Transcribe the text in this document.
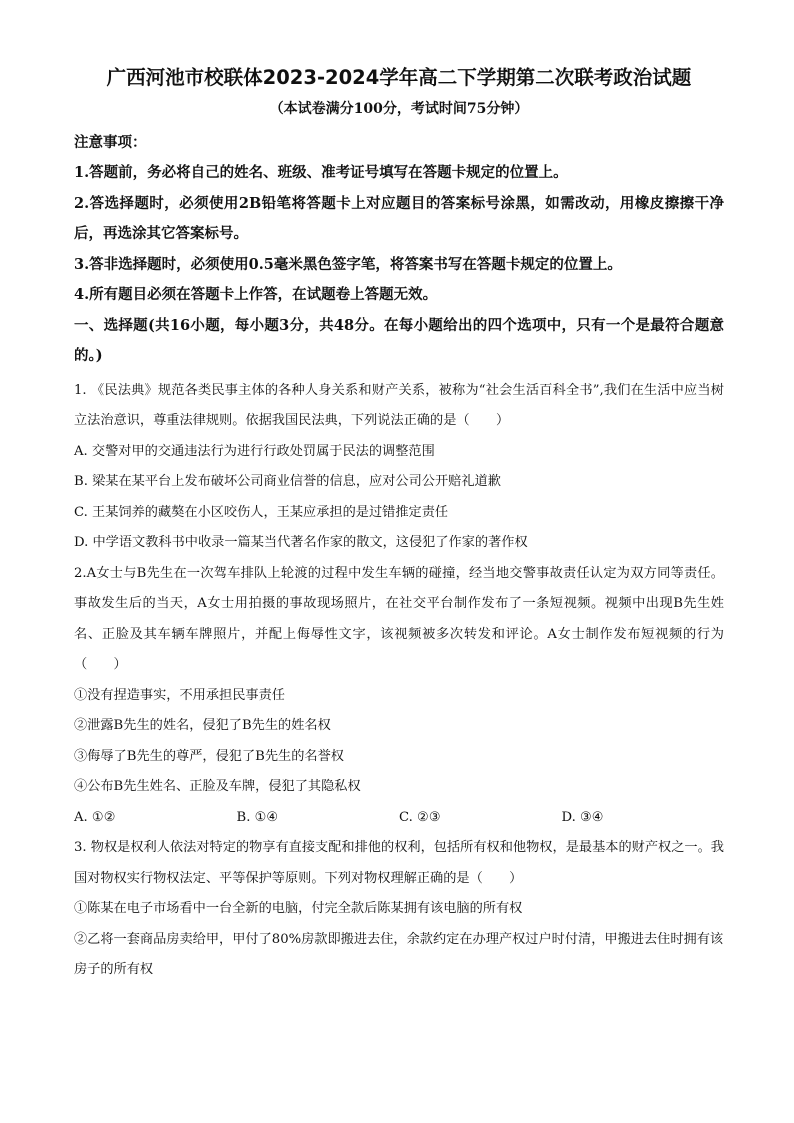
广西河池市校联体2023-2024学年高二下学期第二次联考政治试题
（本试卷满分100分，考试时间75分钟）
注意事项：
1.答题前，务必将自己的姓名、班级、准考证号填写在答题卡规定的位置上。
2.答选择题时，必须使用2B铅笔将答题卡上对应题目的答案标号涂黑，如需改动，用橡皮擦擦干净后，再选涂其它答案标号。
3.答非选择题时，必须使用0.5毫米黑色签字笔，将答案书写在答题卡规定的位置上。
4.所有题目必须在答题卡上作答，在试题卷上答题无效。
一、选择题(共16小题，每小题3分，共48分。在每小题给出的四个选项中，只有一个是最符合题意的。)
1. 《民法典》规范各类民事主体的各种人身关系和财产关系，被称为“社会生活百科全书”,我们在生活中应当树立法治意识，尊重法律规则。依据我国民法典，下列说法正确的是（　　）
A. 交警对甲的交通违法行为进行行政处罚属于民法的调整范围
B. 梁某在某平台上发布破坏公司商业信誉的信息，应对公司公开赔礼道歉
C. 王某饲养的藏獒在小区咬伤人，王某应承担的是过错推定责任
D. 中学语文教科书中收录一篇某当代著名作家的散文，这侵犯了作家的著作权
2.A女士与B先生在一次驾车排队上轮渡的过程中发生车辆的碰撞，经当地交警事故责任认定为双方同等责任。事故发生后的当天，A女士用拍摄的事故现场照片，在社交平台制作发布了一条短视频。视频中出现B先生姓名、正脸及其车辆车牌照片，并配上侮辱性文字，该视频被多次转发和评论。A女士制作发布短视频的行为（　　）
①没有捏造事实，不用承担民事责任
②泄露B先生的姓名，侵犯了B先生的姓名权
③侮辱了B先生的尊严，侵犯了B先生的名誉权
④公布B先生姓名、正脸及车牌，侵犯了其隐私权
A. ①②	B. ①④	C. ②③	D. ③④
3. 物权是权利人依法对特定的物享有直接支配和排他的权利，包括所有权和他物权，是最基本的财产权之一。我国对物权实行物权法定、平等保护等原则。下列对物权理解正确的是（　　）
①陈某在电子市场看中一台全新的电脑，付完全款后陈某拥有该电脑的所有权
②乙将一套商品房卖给甲，甲付了80%房款即搬进去住，余款约定在办理产权过户时付清，甲搬进去住时拥有该房子的所有权
